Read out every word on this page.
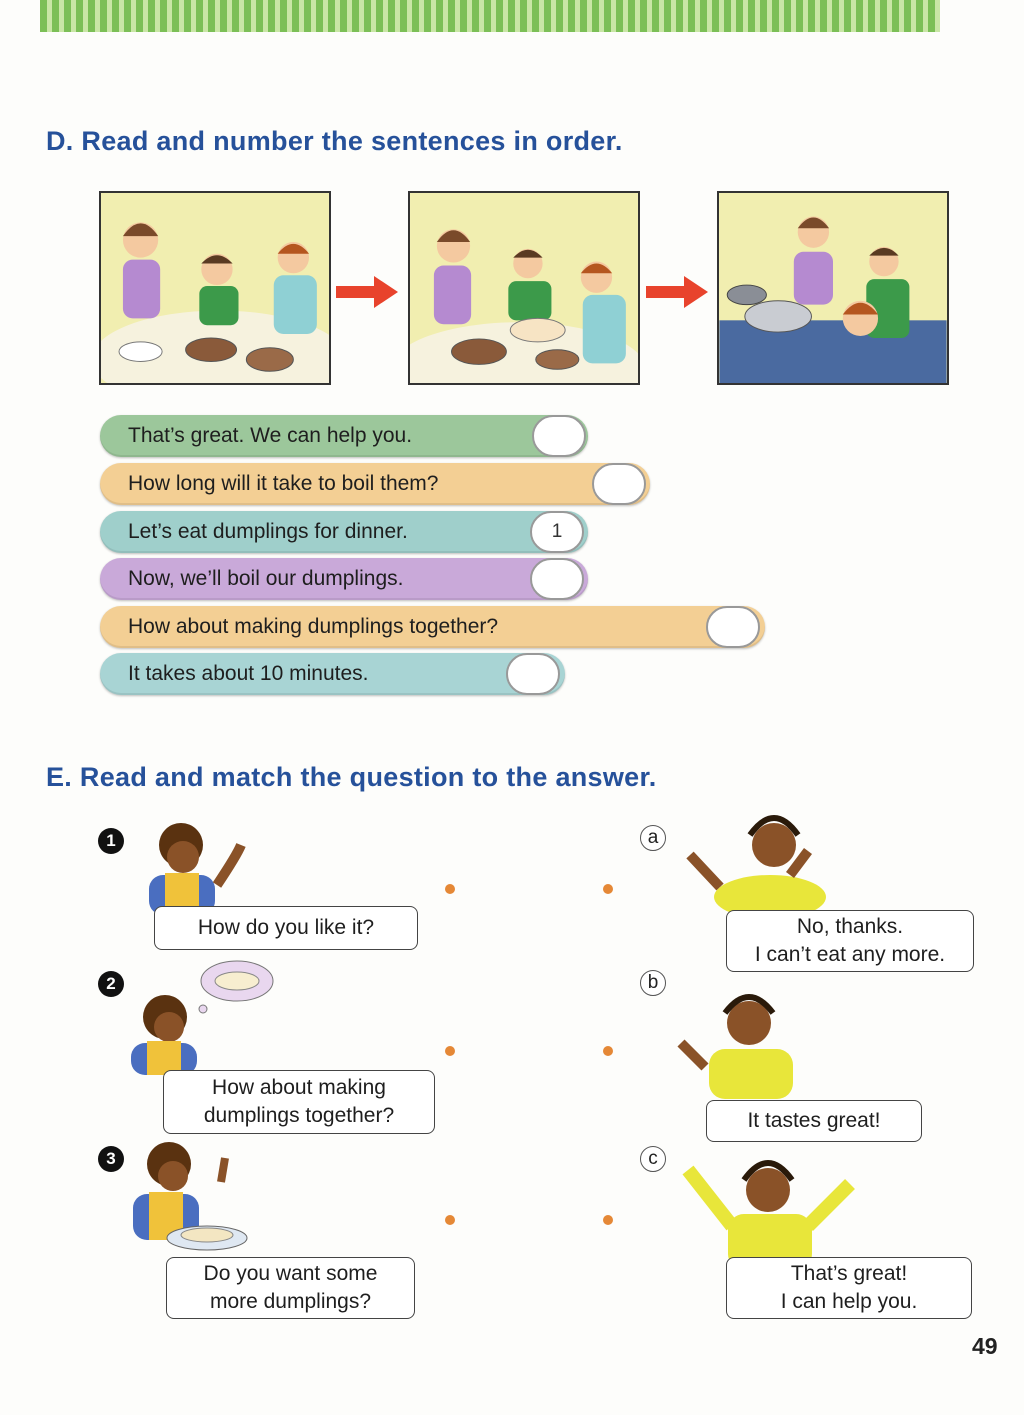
D. Read and number the sentences in order.
That’s great. We can help you.
How long will it take to boil them?
Let’s eat dumplings for dinner.	1
Now, we’ll boil our dumplings.
How about making dumplings together?
It takes about 10 minutes.
E. Read and match the question to the answer.
1
How do you like it?
2
How about making
dumplings together?
3
Do you want some
more dumplings?
a
No, thanks.
I can’t eat any more.
b
It tastes great!
c
That’s great!
I can help you.
49
